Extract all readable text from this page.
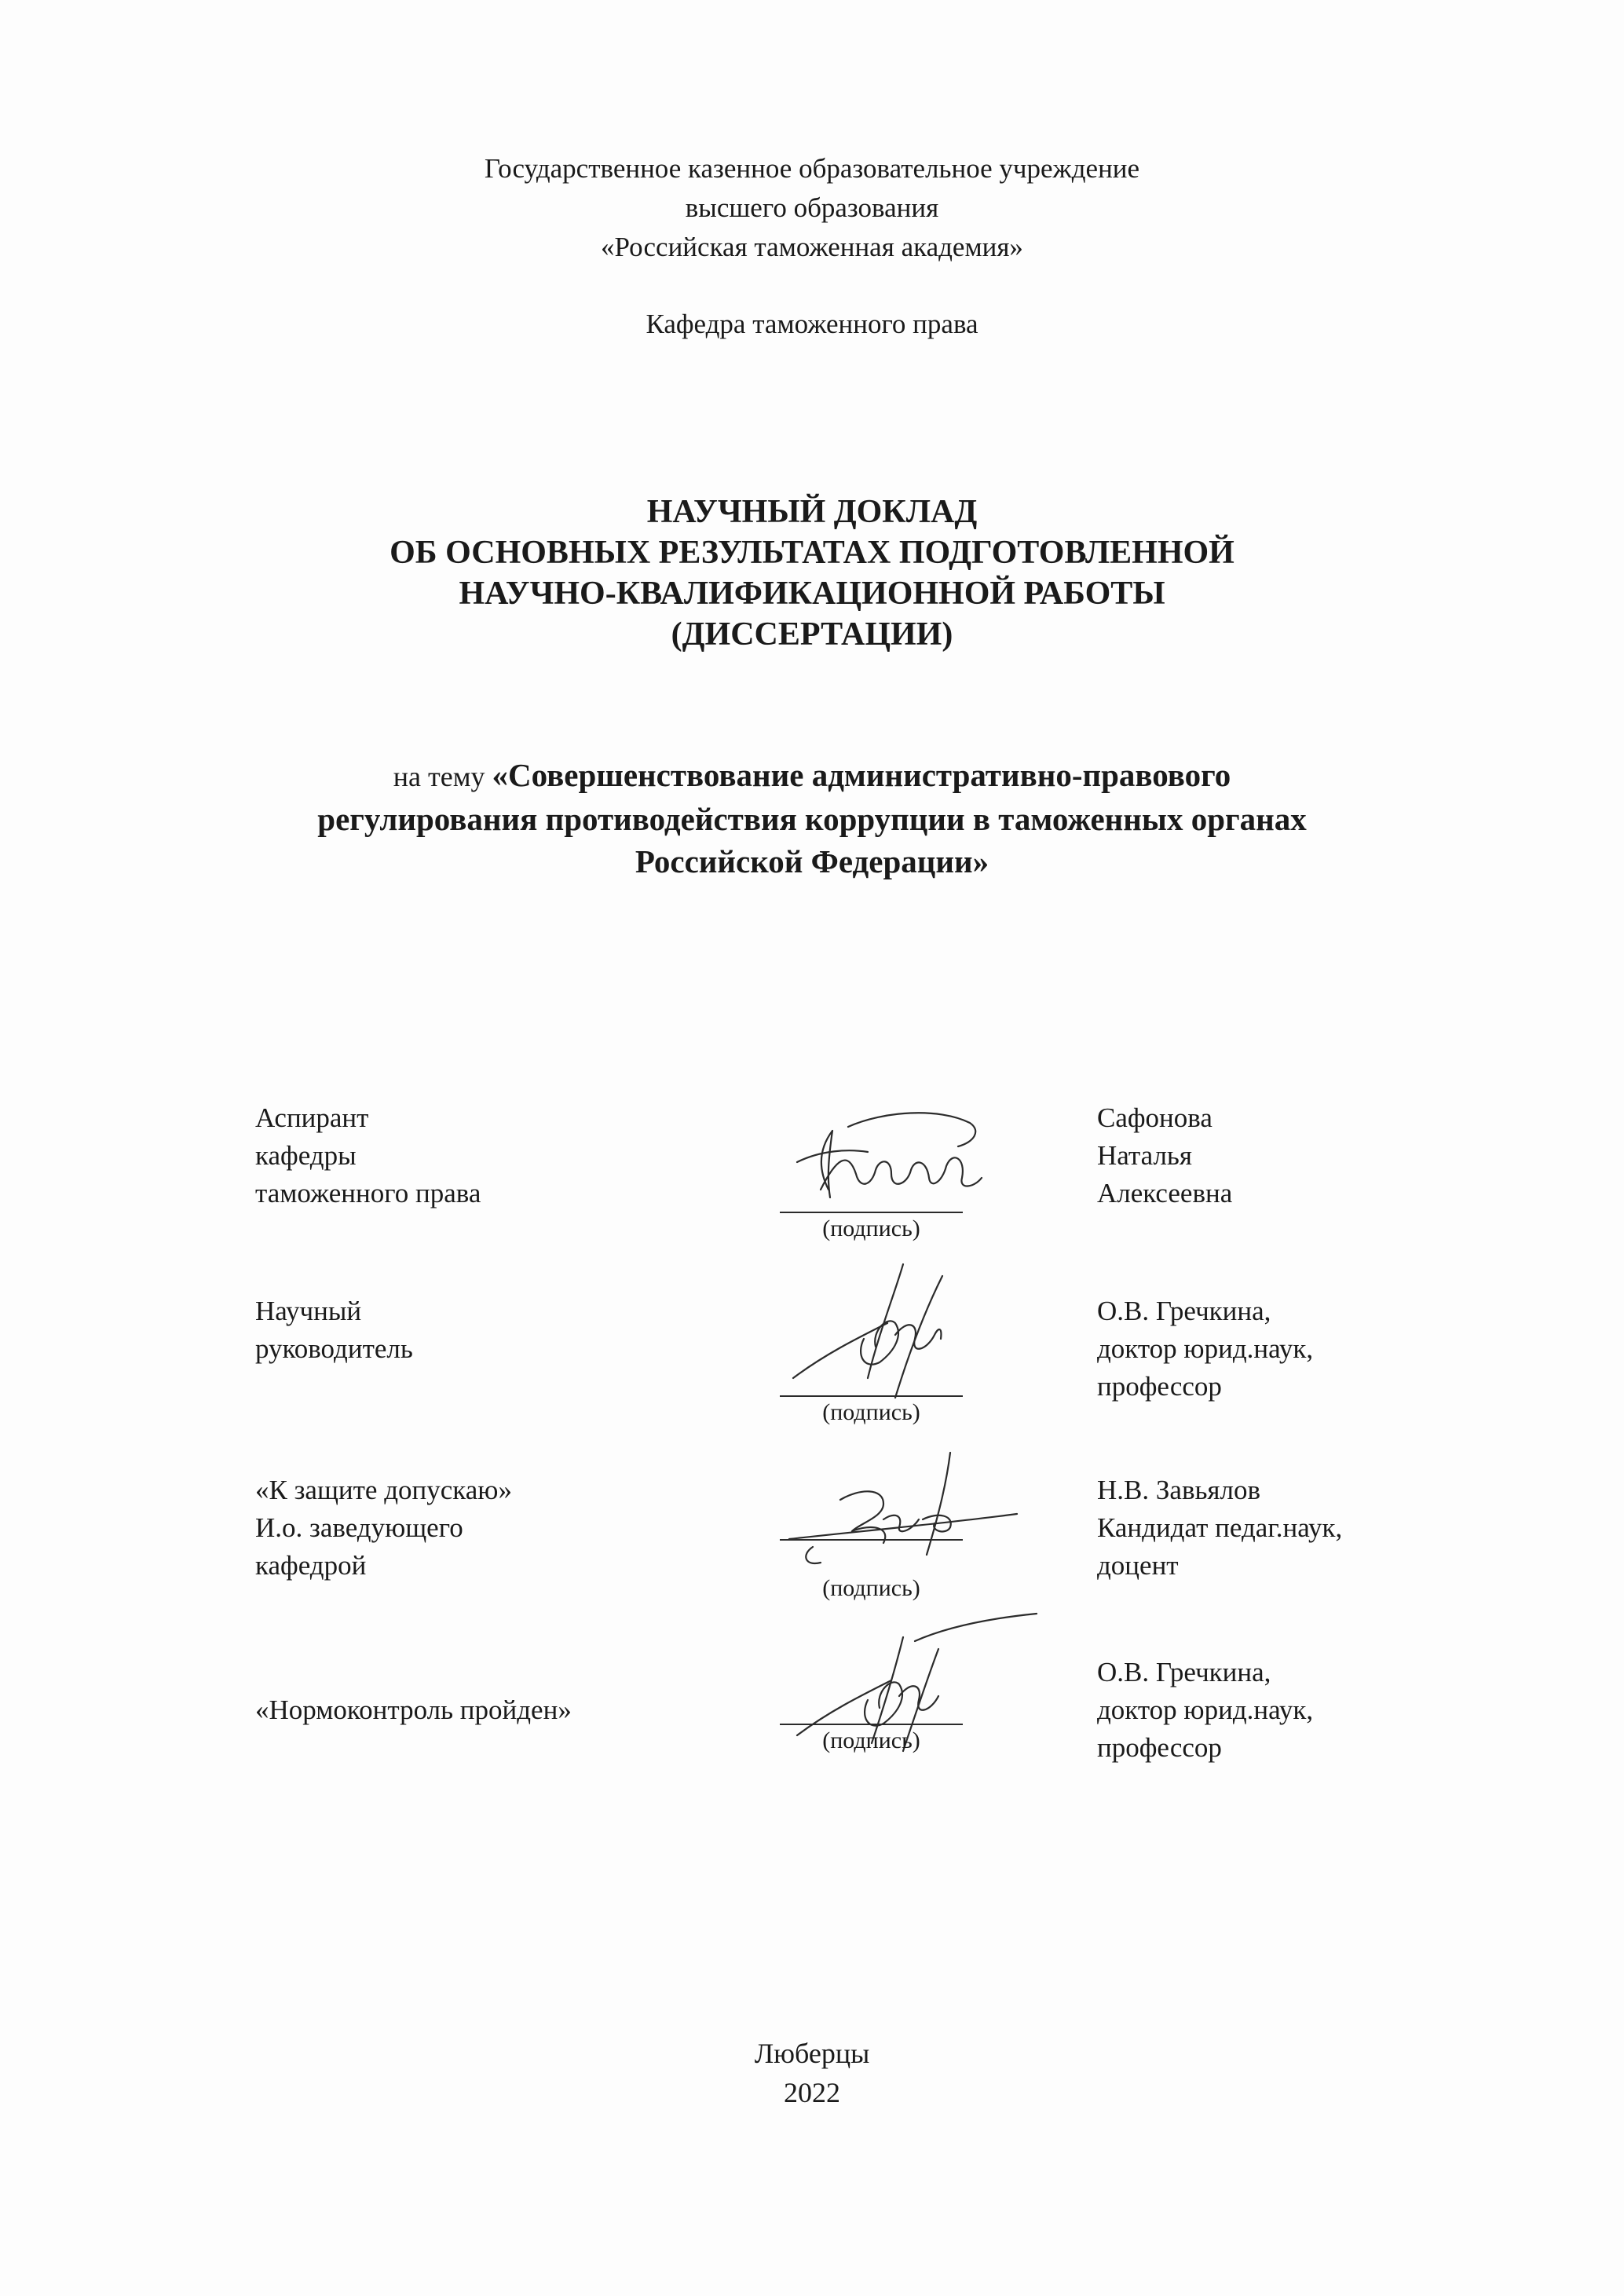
Государственное казенное образовательное учреждение
высшего образования
«Российская таможенная академия»
Кафедра таможенного права
НАУЧНЫЙ ДОКЛАД
ОБ ОСНОВНЫХ РЕЗУЛЬТАТАХ ПОДГОТОВЛЕННОЙ
НАУЧНО-КВАЛИФИКАЦИОННОЙ РАБОТЫ
(ДИССЕРТАЦИИ)
на тему «Совершенствование административно-правового
регулирования противодействия коррупции в таможенных органах
Российской Федерации»
Аспирант
кафедры
таможенного права
(подпись)
Сафонова
Наталья
Алексеевна
Научный
руководитель
(подпись)
О.В. Гречкина,
доктор юрид.наук,
профессор
«К защите допускаю»
И.о. заведующего
кафедрой
(подпись)
Н.В. Завьялов
Кандидат педаг.наук,
доцент
«Нормоконтроль пройден»
(подпись)
О.В. Гречкина,
доктор юрид.наук,
профессор
Люберцы
2022
